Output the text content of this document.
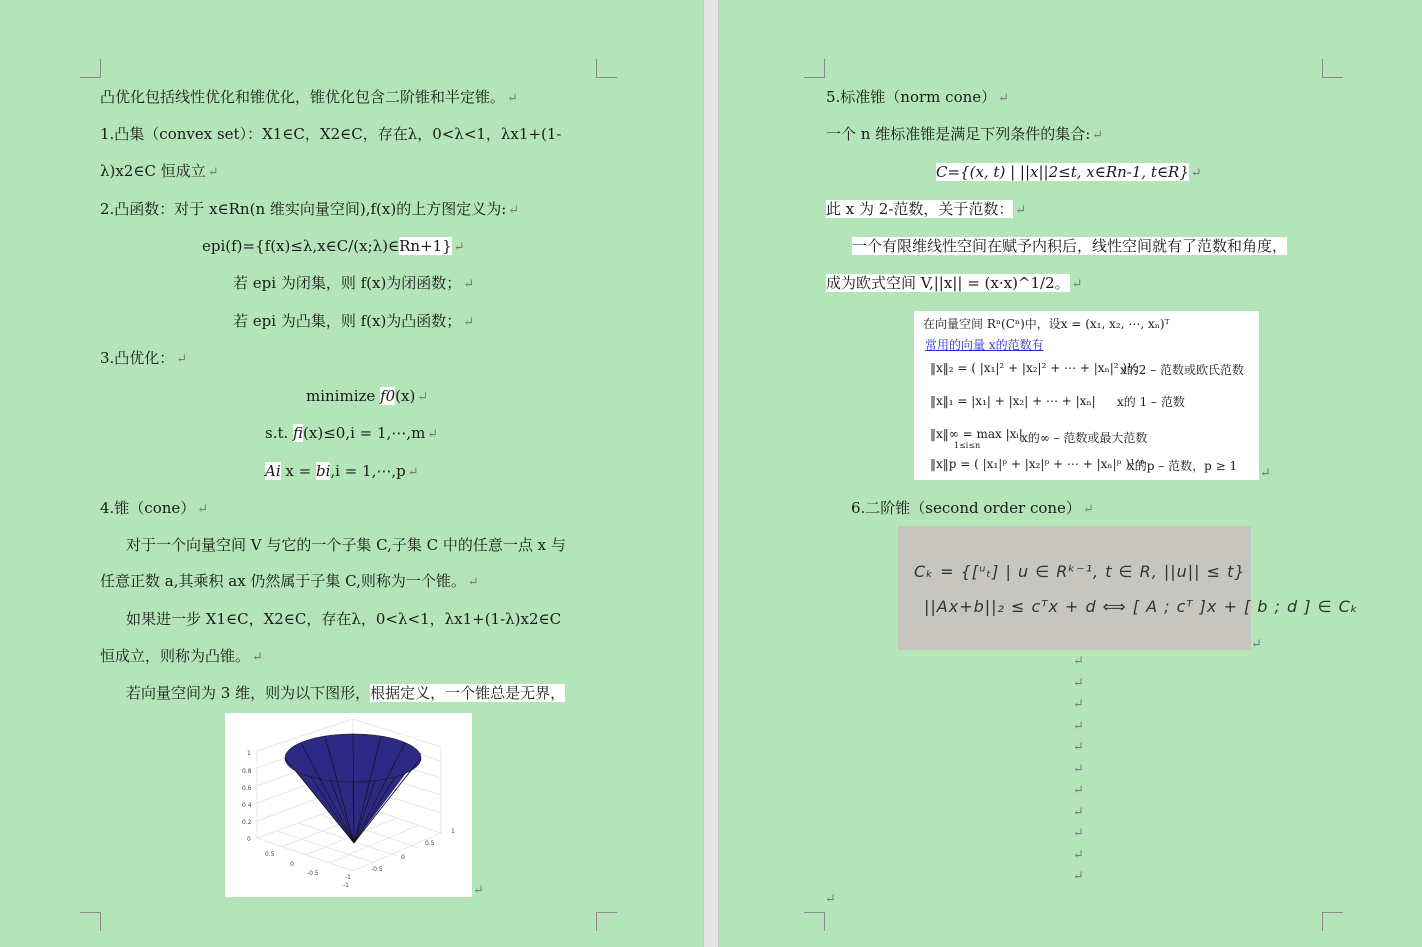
凸优化包括线性优化和锥优化，锥优化包含二阶锥和半定锥。 ↵
1.凸集（convex set）：X1∈C，X2∈C，存在λ，0<λ<1，λx1+(1-
λ)x2∈C 恒成立 ↵
2.凸函数：对于 x∈Rn(n 维实向量空间),f(x)的上方图定义为: ↵
epi(f)={f(x)≤λ,x∈C/(x;λ)∈Rn+1} ↵
若 epi 为闭集，则 f(x)为闭函数； ↵
若 epi 为凸集，则 f(x)为凸函数； ↵
3.凸优化： ↵
minimize f0(x) ↵
s.t. fi(x)≤0,i = 1,⋯,m ↵
Ai x = bi,i = 1,⋯,p ↵
4.锥（cone） ↵
对于一个向量空间 V 与它的一个子集 C,子集 C 中的任意一点 x 与
任意正数 a,其乘积 ax 仍然属于子集 C,则称为一个锥。 ↵
如果进一步 X1∈C，X2∈C，存在λ，0<λ<1，λx1+(1-λ)x2∈C
恒成立，则称为凸锥。 ↵
若向量空间为 3 维，则为以下图形，根据定义，一个锥总是无界，
1
0.8
0.6
0.4
0.2
0
0.5
0
-0.5
-1
1
0.5
0
-0.5
-1
↵
5.标准锥（norm cone） ↵
一个 n 维标准锥是满足下列条件的集合: ↵
C={(x, t) | ||x||2≤t, x∈Rn-1, t∈R} ↵
此 x 为 2-范数，关于范数： ↵
一个有限维线性空间在赋予内积后，线性空间就有了范数和角度，
成为欧式空间 V,||x|| = (x·x)^1/2。 ↵
在向量空间 Rⁿ(Cⁿ)中，设x = (x₁, x₂, ⋯, xₙ)ᵀ
常用的向量 x的范数有
‖x‖₂ = ( |x₁|² + |x₂|² + ⋯ + |xₙ|² )½
x的2 – 范数或欧氏范数
‖x‖₁ = |x₁| + |x₂| + ⋯ + |xₙ| x的 1 – 范数
‖x‖∞ = max |xᵢ|
1≤i≤n
x的∞ – 范数或最大范数
‖x‖p = ( |x₁|ᵖ + |x₂|ᵖ + ⋯ + |xₙ|ᵖ )¹ᐟᵖ
x的p – 范数，p ≥ 1 ↵
6.二阶锥（second order cone） ↵
Cₖ = {[ᵘₜ] | u ∈ Rᵏ⁻¹, t ∈ R, ||u|| ≤ t}
||Ax+b||₂ ≤ cᵀx + d ⟺ [ A ; cᵀ ]x + [ b ; d ] ∈ Cₖ
↵
↵
↵
↵
↵
↵
↵
↵
↵
↵
↵
↵
↵
